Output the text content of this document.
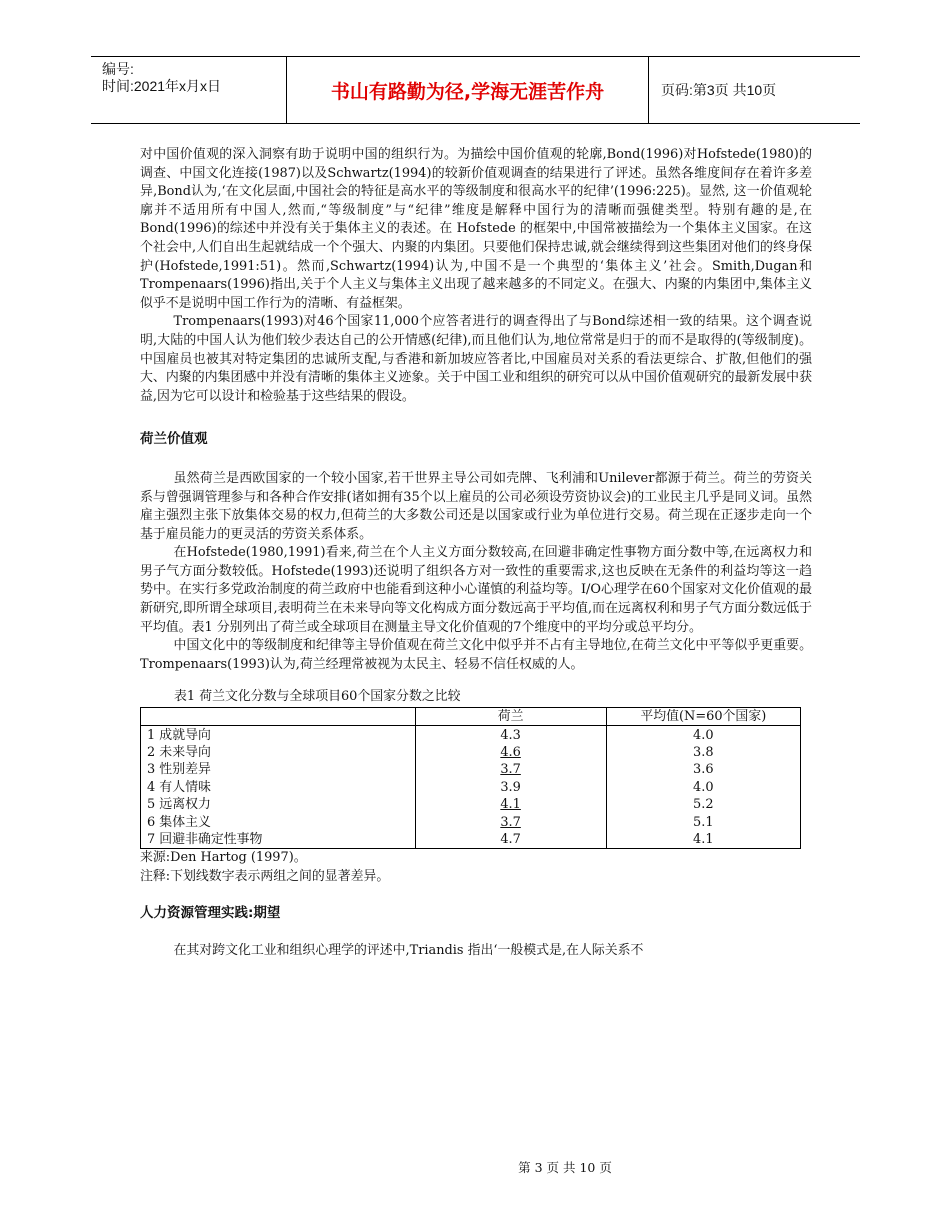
编号:
时间:2021年x月x日	书山有路勤为径,学海无涯苦作舟	页码:第3页 共10页

对中国价值观的深入洞察有助于说明中国的组织行为。为描绘中国价值观的轮廓,Bond(1996)对Hofstede(1980)的调查、中国文化连接(1987)以及Schwartz(1994)的较新价值观调查的结果进行了评述。虽然各维度间存在着许多差异,Bond认为,‘在文化层面,中国社会的特征是高水平的等级制度和很高水平的纪律’(1996:225)。显然, 这一价值观轮廓并不适用所有中国人,然而,“等级制度”与“纪律”维度是解释中国行为的清晰而强健类型。特别有趣的是,在 Bond(1996)的综述中并没有关于集体主义的表述。在 Hofstede 的框架中,中国常被描绘为一个集体主义国家。在这个社会中,人们自出生起就结成一个个强大、内聚的内集团。只要他们保持忠诚,就会继续得到这些集团对他们的终身保护(Hofstede,1991:51)。然而,Schwartz(1994)认为,中国不是一个典型的‘集体主义’社会。Smith,Dugan和 Trompenaars(1996)指出,关于个人主义与集体主义出现了越来越多的不同定义。在强大、内聚的内集团中,集体主义似乎不是说明中国工作行为的清晰、有益框架。

Trompenaars(1993)对46个国家11,000个应答者进行的调查得出了与Bond综述相一致的结果。这个调查说明,大陆的中国人认为他们较少表达自己的公开情感(纪律),而且他们认为,地位常常是归于的而不是取得的(等级制度)。中国雇员也被其对特定集团的忠诚所支配,与香港和新加坡应答者比,中国雇员对关系的看法更综合、扩散,但他们的强大、内聚的内集团感中并没有清晰的集体主义迹象。关于中国工业和组织的研究可以从中国价值观研究的最新发展中获益,因为它可以设计和检验基于这些结果的假设。

荷兰价值观

虽然荷兰是西欧国家的一个较小国家,若干世界主导公司如壳牌、飞利浦和Unilever都源于荷兰。荷兰的劳资关系与曾强调管理参与和各种合作安排(诸如拥有35个以上雇员的公司必须设劳资协议会)的工业民主几乎是同义词。虽然雇主强烈主张下放集体交易的权力,但荷兰的大多数公司还是以国家或行业为单位进行交易。荷兰现在正逐步走向一个基于雇员能力的更灵活的劳资关系体系。

在Hofstede(1980,1991)看来,荷兰在个人主义方面分数较高,在回避非确定性事物方面分数中等,在远离权力和男子气方面分数较低。Hofstede(1993)还说明了组织各方对一致性的重要需求,这也反映在无条件的利益均等这一趋势中。在实行多党政治制度的荷兰政府中也能看到这种小心谨慎的利益均等。I/O心理学在60个国家对文化价值观的最新研究,即所谓全球项目,表明荷兰在未来导向等文化构成方面分数远高于平均值,而在远离权利和男子气方面分数远低于平均值。表1 分别列出了荷兰或全球项目在测量主导文化价值观的7个维度中的平均分或总平均分。

中国文化中的等级制度和纪律等主导价值观在荷兰文化中似乎并不占有主导地位,在荷兰文化中平等似乎更重要。Trompenaars(1993)认为,荷兰经理常被视为太民主、轻易不信任权威的人。

表1 荷兰文化分数与全球项目60个国家分数之比较

	荷兰	平均值(N=60个国家)
1 成就导向	4.3	4.0
2 未来导向	4.6	3.8
3 性别差异	3.7	3.6
4 有人情味	3.9	4.0
5 远离权力	4.1	5.2
6 集体主义	3.7	5.1
7 回避非确定性事物	4.7	4.1

来源:Den Hartog (1997)。

注释:下划线数字表示两组之间的显著差异。

人力资源管理实践:期望

在其对跨文化工业和组织心理学的评述中,Triandis 指出‘一般模式是,在人际关系不

第 3 页 共 10 页
